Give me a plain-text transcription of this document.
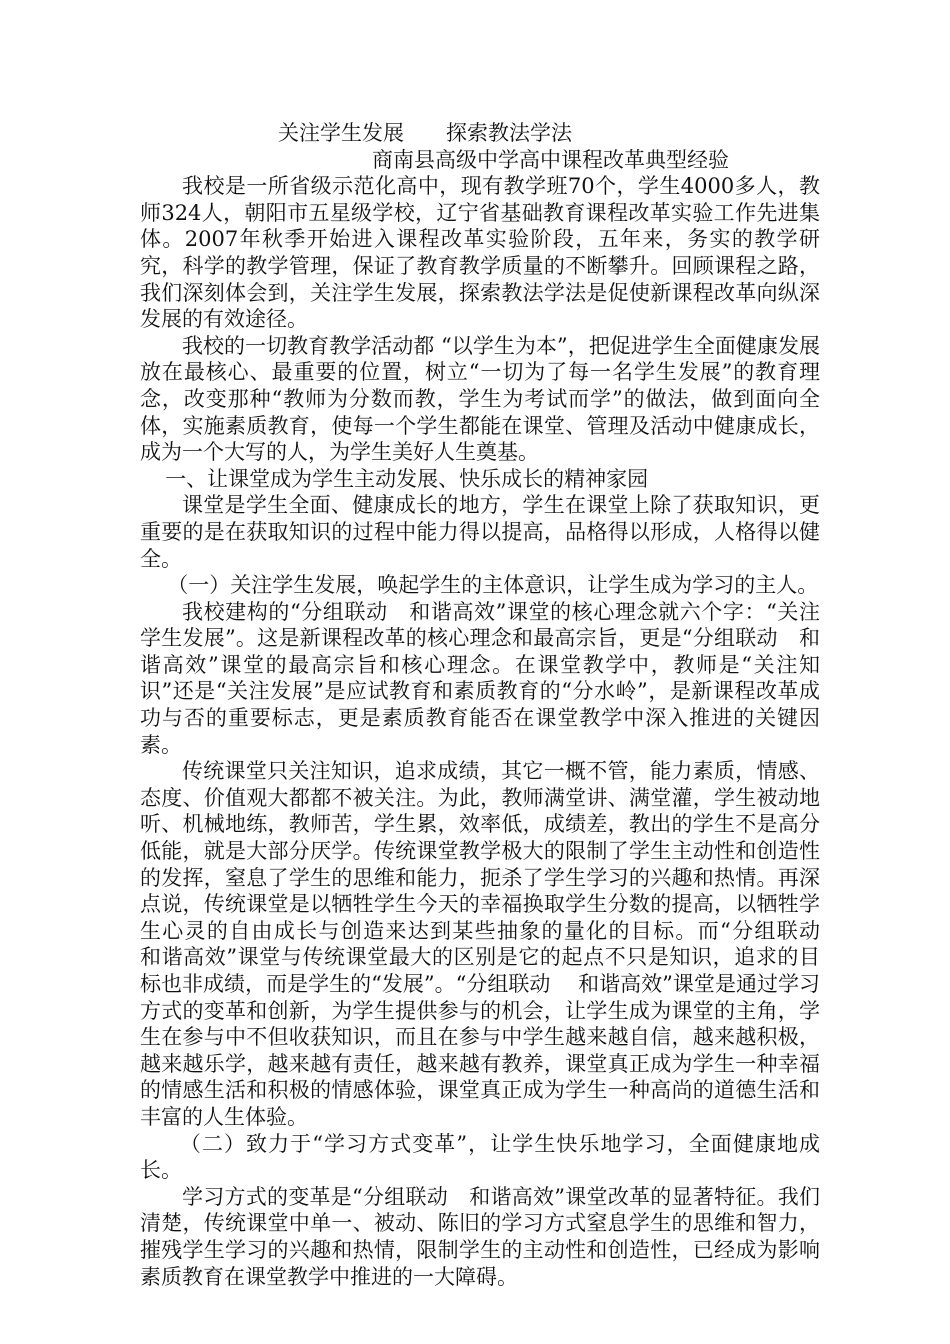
关注学生发展　　探索教法学法
商南县高级中学高中课程改革典型经验

我校是一所省级示范化高中，现有教学班70个，学生4000多人，教师324人，朝阳市五星级学校，辽宁省基础教育课程改革实验工作先进集体。2007年秋季开始进入课程改革实验阶段，五年来，务实的教学研究，科学的教学管理，保证了教育教学质量的不断攀升。回顾课程之路，我们深刻体会到，关注学生发展，探索教法学法是促使新课程改革向纵深发展的有效途径。

我校的一切教育教学活动都 “以学生为本”，把促进学生全面健康发展放在最核心、最重要的位置，树立“一切为了每一名学生发展”的教育理念，改变那种“教师为分数而教，学生为考试而学”的做法，做到面向全体，实施素质教育，使每一个学生都能在课堂、管理及活动中健康成长，成为一个大写的人，为学生美好人生奠基。

一、让课堂成为学生主动发展、快乐成长的精神家园

课堂是学生全面、健康成长的地方，学生在课堂上除了获取知识，更重要的是在获取知识的过程中能力得以提高，品格得以形成，人格得以健全。

（一）关注学生发展，唤起学生的主体意识，让学生成为学习的主人。

我校建构的“分组联动　和谐高效”课堂的核心理念就六个字：“关注学生发展”。这是新课程改革的核心理念和最高宗旨，更是“分组联动　和谐高效”课堂的最高宗旨和核心理念。在课堂教学中，教师是“关注知识”还是“关注发展”是应试教育和素质教育的“分水岭”，是新课程改革成功与否的重要标志，更是素质教育能否在课堂教学中深入推进的关键因素。

传统课堂只关注知识，追求成绩，其它一概不管，能力素质，情感、态度、价值观大都都不被关注。为此，教师满堂讲、满堂灌，学生被动地听、机械地练，教师苦，学生累，效率低，成绩差，教出的学生不是高分低能，就是大部分厌学。传统课堂教学极大的限制了学生主动性和创造性的发挥，窒息了学生的思维和能力，扼杀了学生学习的兴趣和热情。再深点说，传统课堂是以牺牲学生今天的幸福换取学生分数的提高，以牺牲学生心灵的自由成长与创造来达到某些抽象的量化的目标。而“分组联动　和谐高效”课堂与传统课堂最大的区别是它的起点不只是知识，追求的目标也非成绩，而是学生的“发展”。“分组联动　 和谐高效”课堂是通过学习方式的变革和创新，为学生提供参与的机会，让学生成为课堂的主角，学生在参与中不但收获知识，而且在参与中学生越来越自信，越来越积极，越来越乐学，越来越有责任，越来越有教养，课堂真正成为学生一种幸福的情感生活和积极的情感体验，课堂真正成为学生一种高尚的道德生活和丰富的人生体验。

（二）致力于“学习方式变革”，让学生快乐地学习，全面健康地成长。

学习方式的变革是“分组联动　和谐高效”课堂改革的显著特征。我们清楚，传统课堂中单一、被动、陈旧的学习方式窒息学生的思维和智力，摧残学生学习的兴趣和热情，限制学生的主动性和创造性，已经成为影响素质教育在课堂教学中推进的一大障碍。
